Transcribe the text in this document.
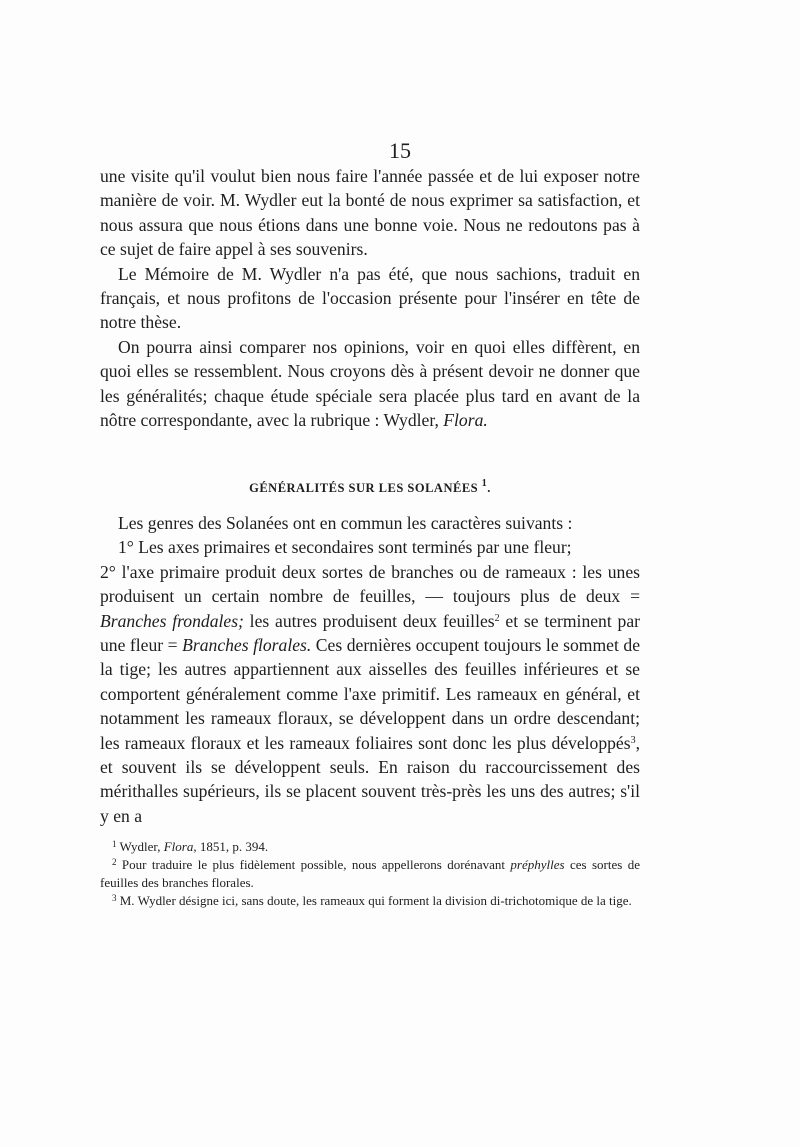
15

une visite qu'il voulut bien nous faire l'année passée et de lui exposer notre manière de voir. M. Wydler eut la bonté de nous exprimer sa satisfaction, et nous assura que nous étions dans une bonne voie. Nous ne redoutons pas à ce sujet de faire appel à ses souvenirs.

Le Mémoire de M. Wydler n'a pas été, que nous sachions, traduit en français, et nous profitons de l'occasion présente pour l'insérer en tête de notre thèse.

On pourra ainsi comparer nos opinions, voir en quoi elles diffèrent, en quoi elles se ressemblent. Nous croyons dès à présent devoir ne donner que les généralités; chaque étude spéciale sera placée plus tard en avant de la nôtre correspondante, avec la rubrique : Wydler, Flora.

GÉNÉRALITÉS SUR LES SOLANÉES $^1$.

Les genres des Solanées ont en commun les caractères suivants :

1° Les axes primaires et secondaires sont terminés par une fleur;

2° l'axe primaire produit deux sortes de branches ou de rameaux : les unes produisent un certain nombre de feuilles, — toujours plus de deux = Branches frondales; les autres produisent deux feuilles$^2$ et se terminent par une fleur = Branches florales. Ces dernières occupent toujours le sommet de la tige; les autres appartiennent aux aisselles des feuilles inférieures et se comportent généralement comme l'axe primitif. Les rameaux en général, et notamment les rameaux floraux, se développent dans un ordre descendant; les rameaux floraux et les rameaux foliaires sont donc les plus développés$^3$, et souvent ils se développent seuls. En raison du raccourcissement des mérithalles supérieurs, ils se placent souvent très-près les uns des autres; s'il y en a

$^1$ Wydler, Flora, 1851, p. 394.

$^2$ Pour traduire le plus fidèlement possible, nous appellerons dorénavant préphylles ces sortes de feuilles des branches florales.

$^3$ M. Wydler désigne ici, sans doute, les rameaux qui forment la division di-trichotomique de la tige.
